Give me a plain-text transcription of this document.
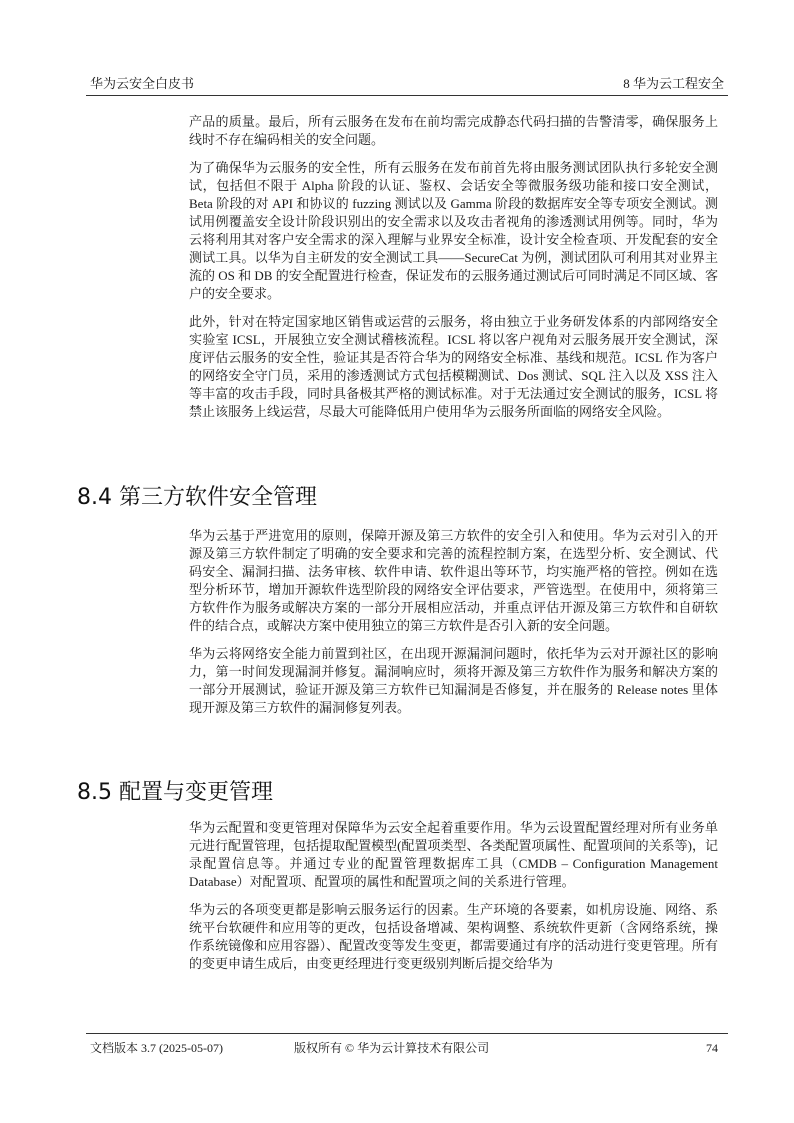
华为云安全白皮书	8 华为云工程安全

产品的质量。最后，所有云服务在发布在前均需完成静态代码扫描的告警清零，确保服务上线时不存在编码相关的安全问题。

为了确保华为云服务的安全性，所有云服务在发布前首先将由服务测试团队执行多轮安全测试，包括但不限于 Alpha 阶段的认证、鉴权、会话安全等微服务级功能和接口安全测试，Beta 阶段的对 API 和协议的 fuzzing 测试以及 Gamma 阶段的数据库安全等专项安全测试。测试用例覆盖安全设计阶段识别出的安全需求以及攻击者视角的渗透测试用例等。同时，华为云将利用其对客户安全需求的深入理解与业界安全标准，设计安全检查项、开发配套的安全测试工具。以华为自主研发的安全测试工具——SecureCat 为例，测试团队可利用其对业界主流的 OS 和 DB 的安全配置进行检查，保证发布的云服务通过测试后可同时满足不同区域、客户的安全要求。

此外，针对在特定国家地区销售或运营的云服务，将由独立于业务研发体系的内部网络安全实验室 ICSL，开展独立安全测试稽核流程。ICSL 将以客户视角对云服务展开安全测试，深度评估云服务的安全性，验证其是否符合华为的网络安全标准、基线和规范。ICSL 作为客户的网络安全守门员，采用的渗透测试方式包括模糊测试、Dos 测试、SQL 注入以及 XSS 注入等丰富的攻击手段，同时具备极其严格的测试标准。对于无法通过安全测试的服务，ICSL 将禁止该服务上线运营，尽最大可能降低用户使用华为云服务所面临的网络安全风险。

8.4 第三方软件安全管理

华为云基于严进宽用的原则，保障开源及第三方软件的安全引入和使用。华为云对引入的开源及第三方软件制定了明确的安全要求和完善的流程控制方案，在选型分析、安全测试、代码安全、漏洞扫描、法务审核、软件申请、软件退出等环节，均实施严格的管控。例如在选型分析环节，增加开源软件选型阶段的网络安全评估要求，严管选型。在使用中，须将第三方软件作为服务或解决方案的一部分开展相应活动，并重点评估开源及第三方软件和自研软件的结合点，或解决方案中使用独立的第三方软件是否引入新的安全问题。

华为云将网络安全能力前置到社区，在出现开源漏洞问题时，依托华为云对开源社区的影响力，第一时间发现漏洞并修复。漏洞响应时，须将开源及第三方软件作为服务和解决方案的一部分开展测试，验证开源及第三方软件已知漏洞是否修复，并在服务的 Release notes 里体现开源及第三方软件的漏洞修复列表。

8.5 配置与变更管理

华为云配置和变更管理对保障华为云安全起着重要作用。华为云设置配置经理对所有业务单元进行配置管理，包括提取配置模型(配置项类型、各类配置项属性、配置项间的关系等)，记录配置信息等。并通过专业的配置管理数据库工具（CMDB – Configuration Management Database）对配置项、配置项的属性和配置项之间的关系进行管理。

华为云的各项变更都是影响云服务运行的因素。生产环境的各要素，如机房设施、网络、系统平台软硬件和应用等的更改，包括设备增减、架构调整、系统软件更新（含网络系统，操作系统镜像和应用容器）、配置改变等发生变更，都需要通过有序的活动进行变更管理。所有的变更申请生成后，由变更经理进行变更级别判断后提交给华为

文档版本 3.7 (2025-05-07)	版权所有 © 华为云计算技术有限公司	74
